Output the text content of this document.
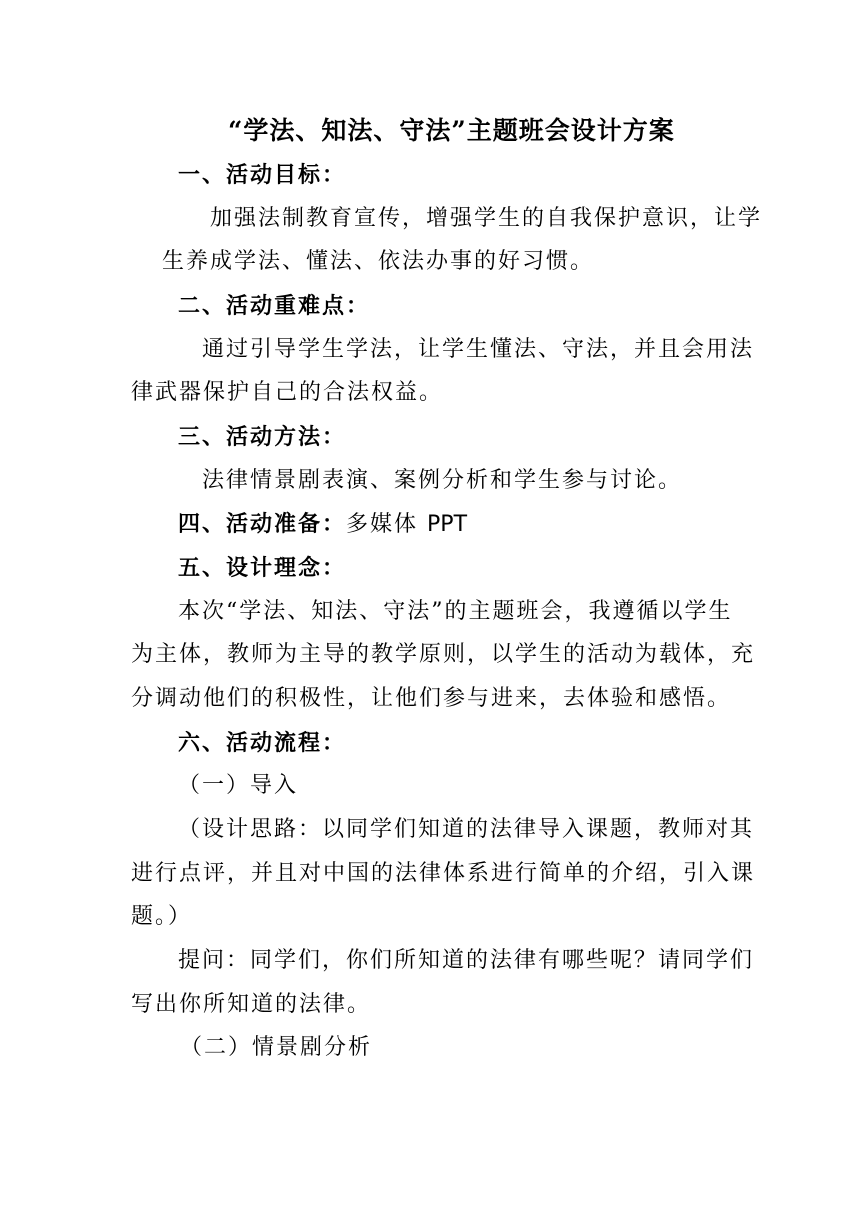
“学法、知法、守法”主题班会设计方案
一、活动目标：
加强法制教育宣传，增强学生的自我保护意识，让学
生养成学法、懂法、依法办事的好习惯。
二、活动重难点：
通过引导学生学法，让学生懂法、守法，并且会用法
律武器保护自己的合法权益。
三、活动方法：
法律情景剧表演、案例分析和学生参与讨论。
四、活动准备：多媒体 PPT
五、设计理念：
本次“学法、知法、守法”的主题班会，我遵循以学生
为主体，教师为主导的教学原则，以学生的活动为载体，充
分调动他们的积极性，让他们参与进来，去体验和感悟。
六、活动流程：
（一）导入
（设计思路：以同学们知道的法律导入课题，教师对其
进行点评，并且对中国的法律体系进行简单的介绍，引入课
题。）
提问：同学们，你们所知道的法律有哪些呢？请同学们
写出你所知道的法律。
（二）情景剧分析
